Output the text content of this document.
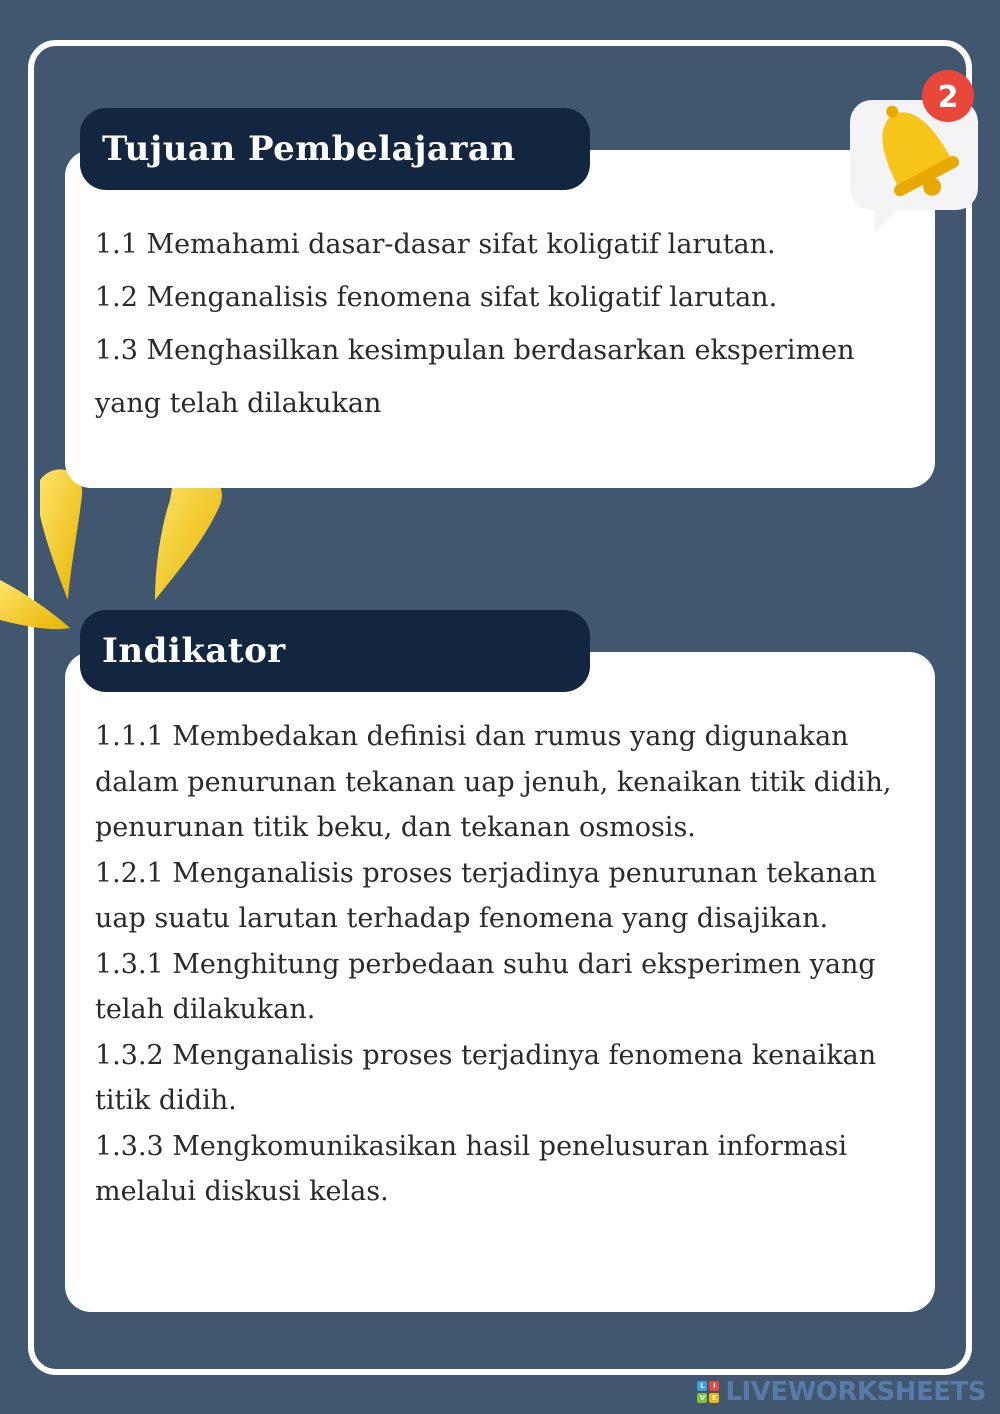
Tujuan Pembelajaran
1.1 Memahami dasar-dasar sifat koligatif larutan.
1.2 Menganalisis fenomena sifat koligatif larutan.
1.3 Menghasilkan kesimpulan berdasarkan eksperimen yang telah dilakukan
2
Indikator
1.1.1 Membedakan definisi dan rumus yang digunakan dalam penurunan tekanan uap jenuh, kenaikan titik didih, penurunan titik beku, dan tekanan osmosis.
1.2.1 Menganalisis proses terjadinya penurunan tekanan uap suatu larutan terhadap fenomena yang disajikan.
1.3.1 Menghitung perbedaan suhu dari eksperimen yang telah dilakukan.
1.3.2 Menganalisis proses terjadinya fenomena kenaikan titik didih.
1.3.3 Mengkomunikasikan hasil penelusuran informasi melalui diskusi kelas.
L	I
V E LIVEWORKSHEETS
